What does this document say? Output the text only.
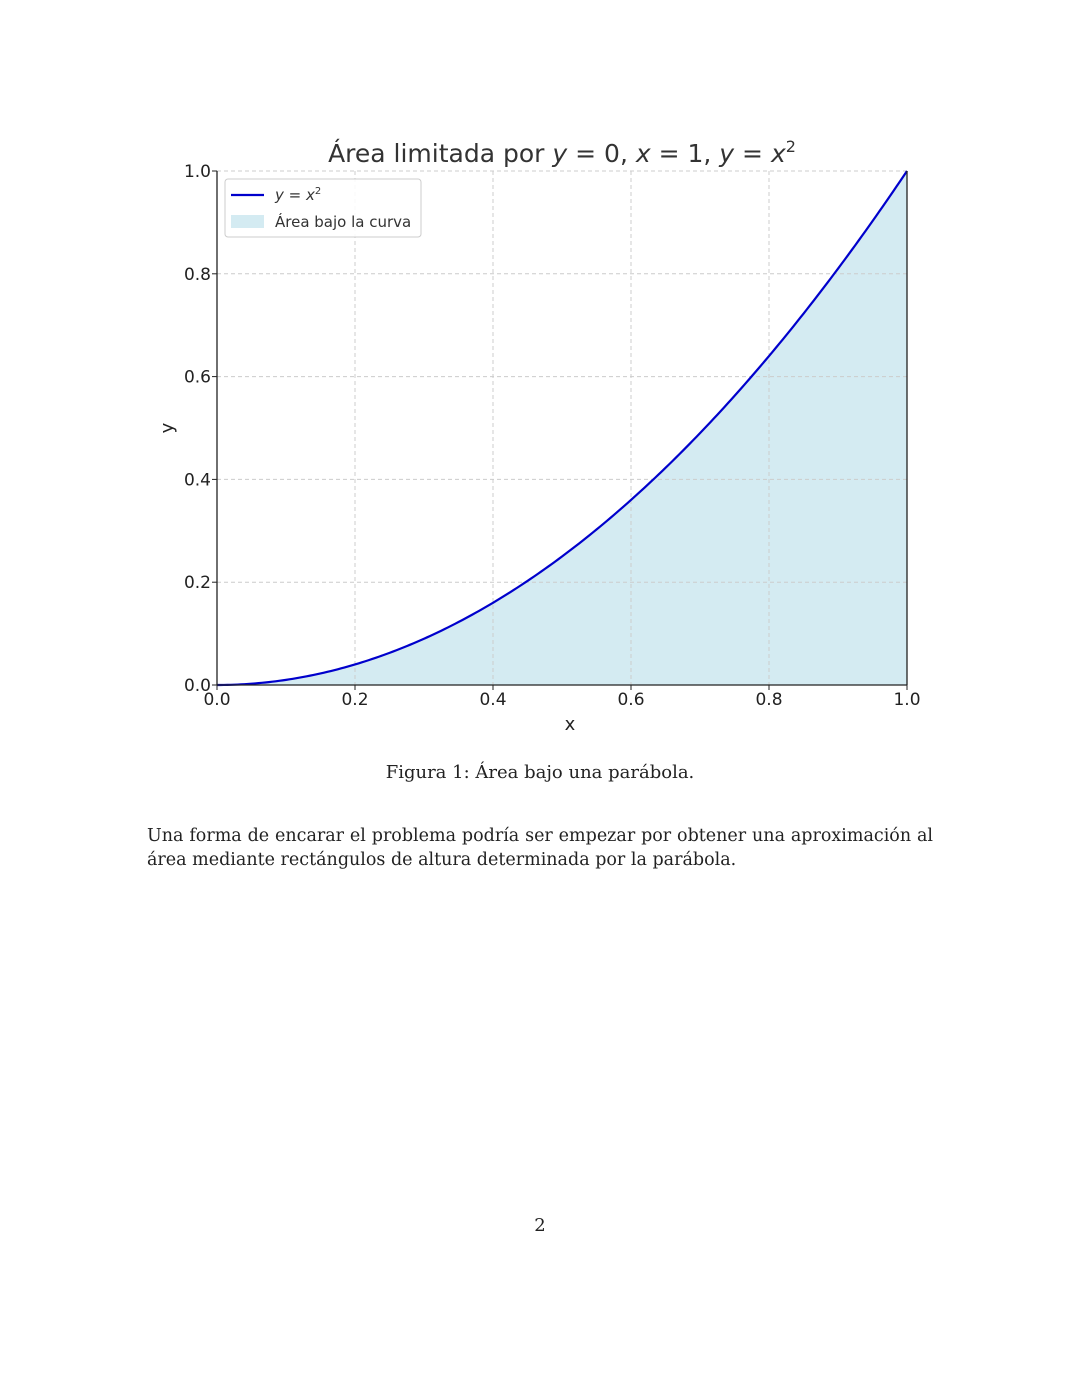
0.0	0.2	0.4	0.6	0.8	1.0
0.0
0.2
0.4
0.6
0.8
1.0
x
y
Área limitada por y = 0, x = 1, $y = x^2$
$y = x^2$
Área bajo la curva
Figura 1: Área bajo una parábola.

Una forma de encarar el problema podría ser empezar por obtener una aproximación al área mediante rectángulos de altura determinada por la parábola.

2
